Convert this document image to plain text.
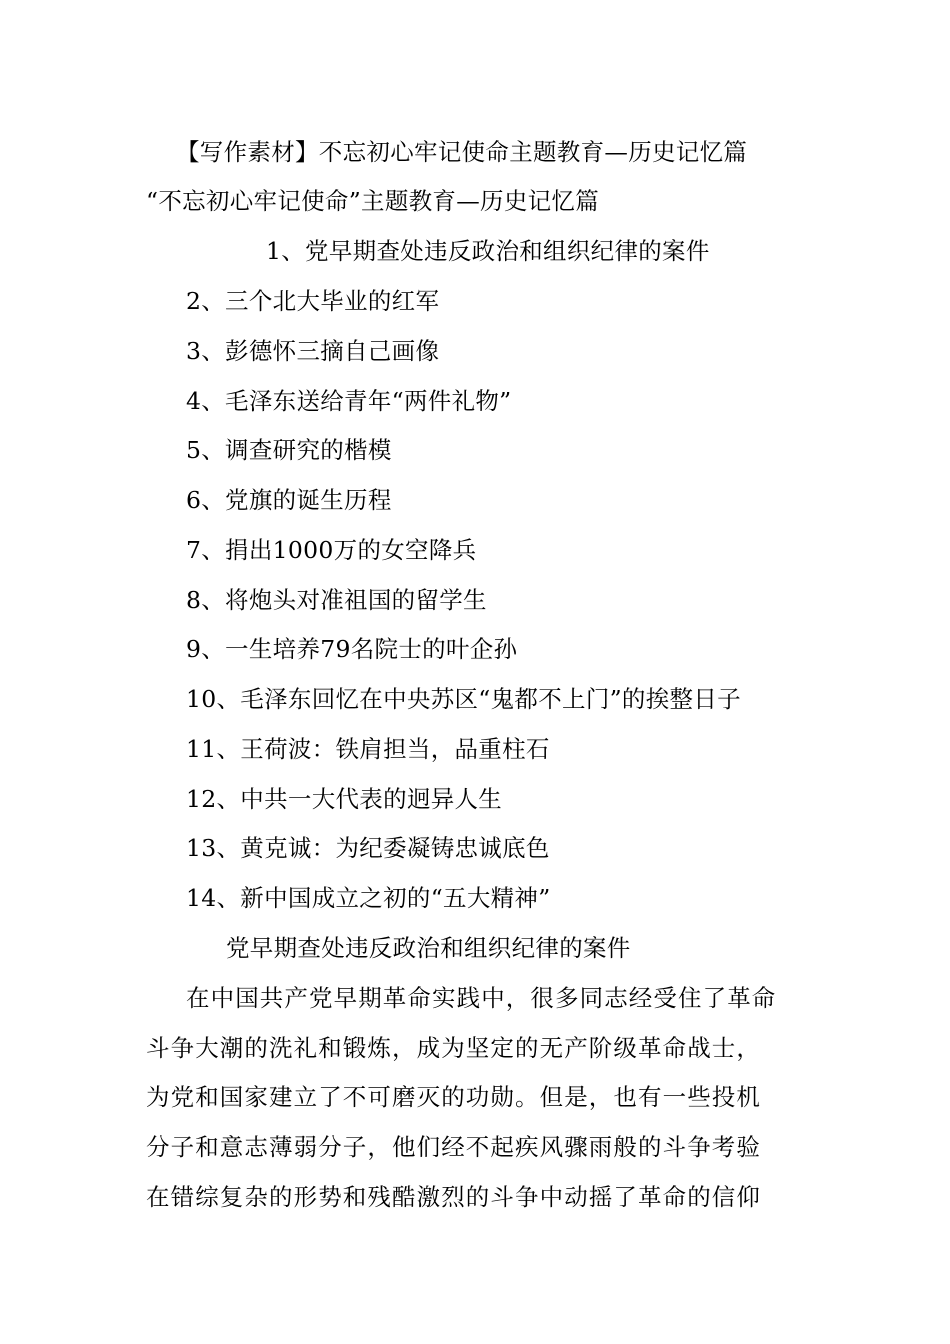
【写作素材】不忘初心牢记使命主题教育—历史记忆篇
“不忘初心牢记使命”主题教育—历史记忆篇
1、党早期查处违反政治和组织纪律的案件
2、三个北大毕业的红军
3、彭德怀三摘自己画像
4、毛泽东送给青年“两件礼物”
5、调查研究的楷模
6、党旗的诞生历程
7、捐出1000万的女空降兵
8、将炮头对准祖国的留学生
9、一生培养79名院士的叶企孙
10、毛泽东回忆在中央苏区“鬼都不上门”的挨整日子
11、王荷波：铁肩担当，品重柱石
12、中共一大代表的迥异人生
13、黄克诚：为纪委凝铸忠诚底色
14、新中国成立之初的“五大精神”
党早期查处违反政治和组织纪律的案件
在中国共产党早期革命实践中，很多同志经受住了革命
斗争大潮的洗礼和锻炼，成为坚定的无产阶级革命战士，
为党和国家建立了不可磨灭的功勋。但是，也有一些投机
分子和意志薄弱分子，他们经不起疾风骤雨般的斗争考验
在错综复杂的形势和残酷激烈的斗争中动摇了革命的信仰
